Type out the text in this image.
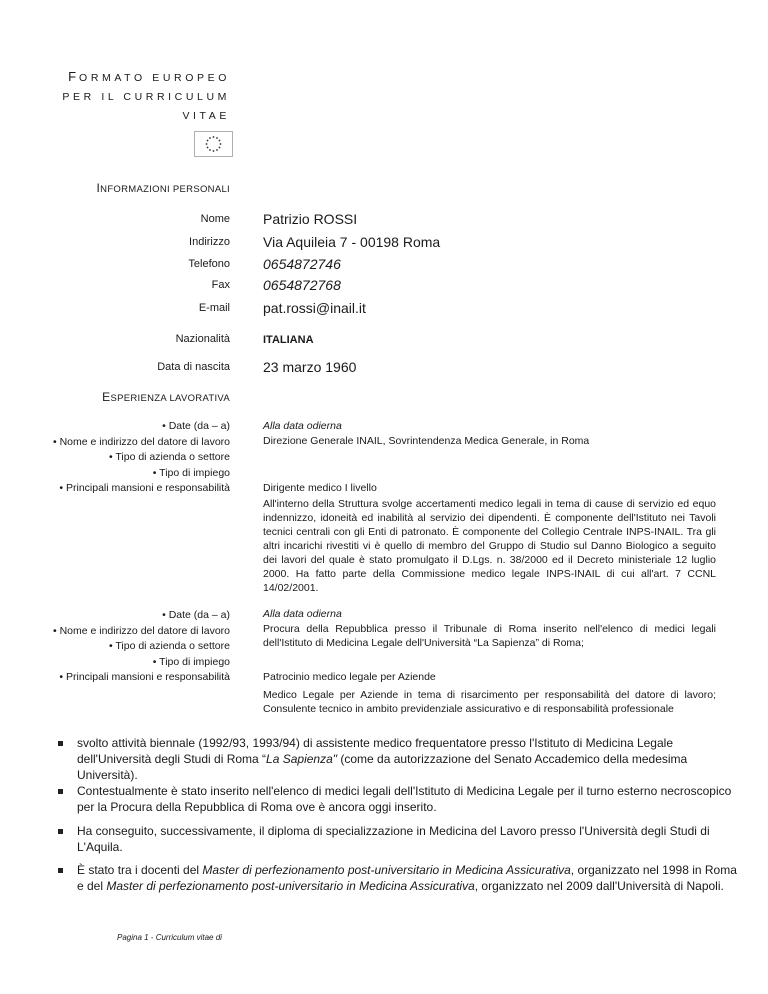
FORMATO EUROPEO
PER IL CURRICULUM
VITAE
INFORMAZIONI PERSONALI
Nome Patrizio ROSSI
Indirizzo Via Aquileia 7 - 00198 Roma
Telefono 0654872746
Fax 0654872768
E-mail pat.rossi@inail.it
Nazionalità	ITALIANA
Data di nascita 23 marzo 1960
ESPERIENZA LAVORATIVA
• Date (da – a)
• Nome e indirizzo del datore di lavoro
• Tipo di azienda o settore
• Tipo di impiego
• Principali mansioni e responsabilità

Alla data odierna

Direzione Generale INAIL, Sovrintendenza Medica Generale, in Roma

Dirigente medico I livello

All'interno della Struttura svolge accertamenti medico legali in tema di cause di servizio ed equo indennizzo, idoneità ed inabilità al servizio dei dipendenti. È componente dell'Istituto nei Tavoli tecnici centrali con gli Enti di patronato. È componente del Collegio Centrale INPS-INAIL. Tra gli altri incarichi rivestiti vi è quello di membro del Gruppo di Studio sul Danno Biologico a seguito dei lavori del quale è stato promulgato il D.Lgs. n. 38/2000 ed il Decreto ministeriale 12 luglio 2000. Ha fatto parte della Commissione medico legale INPS-INAIL di cui all'art. 7 CCNL 14/02/2001.

• Date (da – a)
• Nome e indirizzo del datore di lavoro
• Tipo di azienda o settore
• Tipo di impiego
• Principali mansioni e responsabilità

Alla data odierna

Procura della Repubblica presso il Tribunale di Roma inserito nell'elenco di medici legali dell'Istituto di Medicina Legale dell'Università “La Sapienza” di Roma;

Patrocinio medico legale per Aziende

Medico Legale per Aziende in tema di risarcimento per responsabilità del datore di lavoro; Consulente tecnico in ambito previdenziale assicurativo e di responsabilità professionale

svolto attività biennale (1992/93, 1993/94) di assistente medico frequentatore presso l'Istituto di Medicina Legale dell'Università degli Studi di Roma “La Sapienza" (come da autorizzazione del Senato Accademico della medesima Università).
Contestualmente è stato inserito nell'elenco di medici legali dell'Istituto di Medicina Legale per il turno esterno necroscopico per la Procura della Repubblica di Roma ove è ancora oggi inserito.
Ha conseguito, successivamente, il diploma di specializzazione in Medicina del Lavoro presso l'Università degli Studi di L'Aquila.
È stato tra i docenti del Master di perfezionamento post-universitario in Medicina Assicurativa, organizzato nel 1998 in Roma e del Master di perfezionamento post-universitario in Medicina Assicurativa, organizzato nel 2009 dall'Università di Napoli.
Pagina 1 - Curriculum vitae di
